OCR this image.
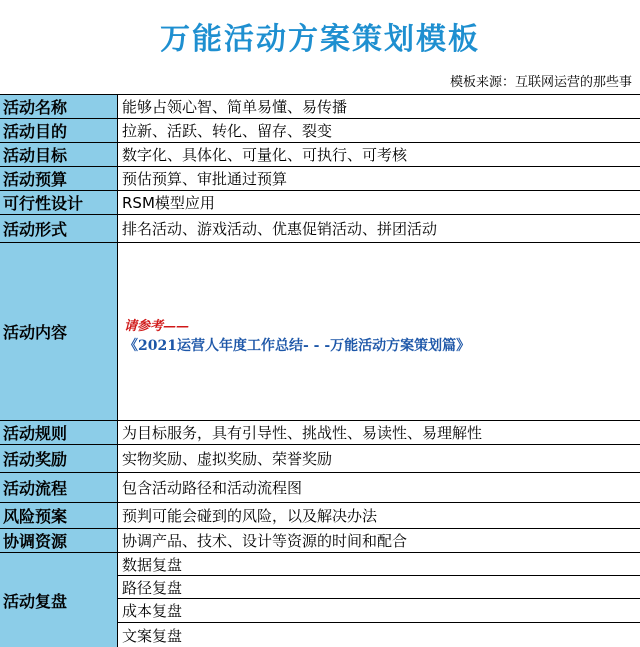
万能活动方案策划模板
模板来源：互联网运营的那些事
活动名称	能够占领心智、简单易懂、易传播
活动目的	拉新、活跃、转化、留存、裂变
活动目标	数字化、具体化、可量化、可执行、可考核
活动预算	预估预算、审批通过预算
可行性设计	RSM模型应用
活动形式	排名活动、游戏活动、优惠促销活动、拼团活动
活动内容	请参考——
《2021运营人年度工作总结- - -万能活动方案策划篇》
活动规则	为目标服务，具有引导性、挑战性、易读性、易理解性
活动奖励	实物奖励、虚拟奖励、荣誉奖励
活动流程	包含活动路径和活动流程图
风险预案	预判可能会碰到的风险，以及解决办法
协调资源	协调产品、技术、设计等资源的时间和配合
活动复盘
数据复盘
路径复盘
成本复盘
文案复盘
